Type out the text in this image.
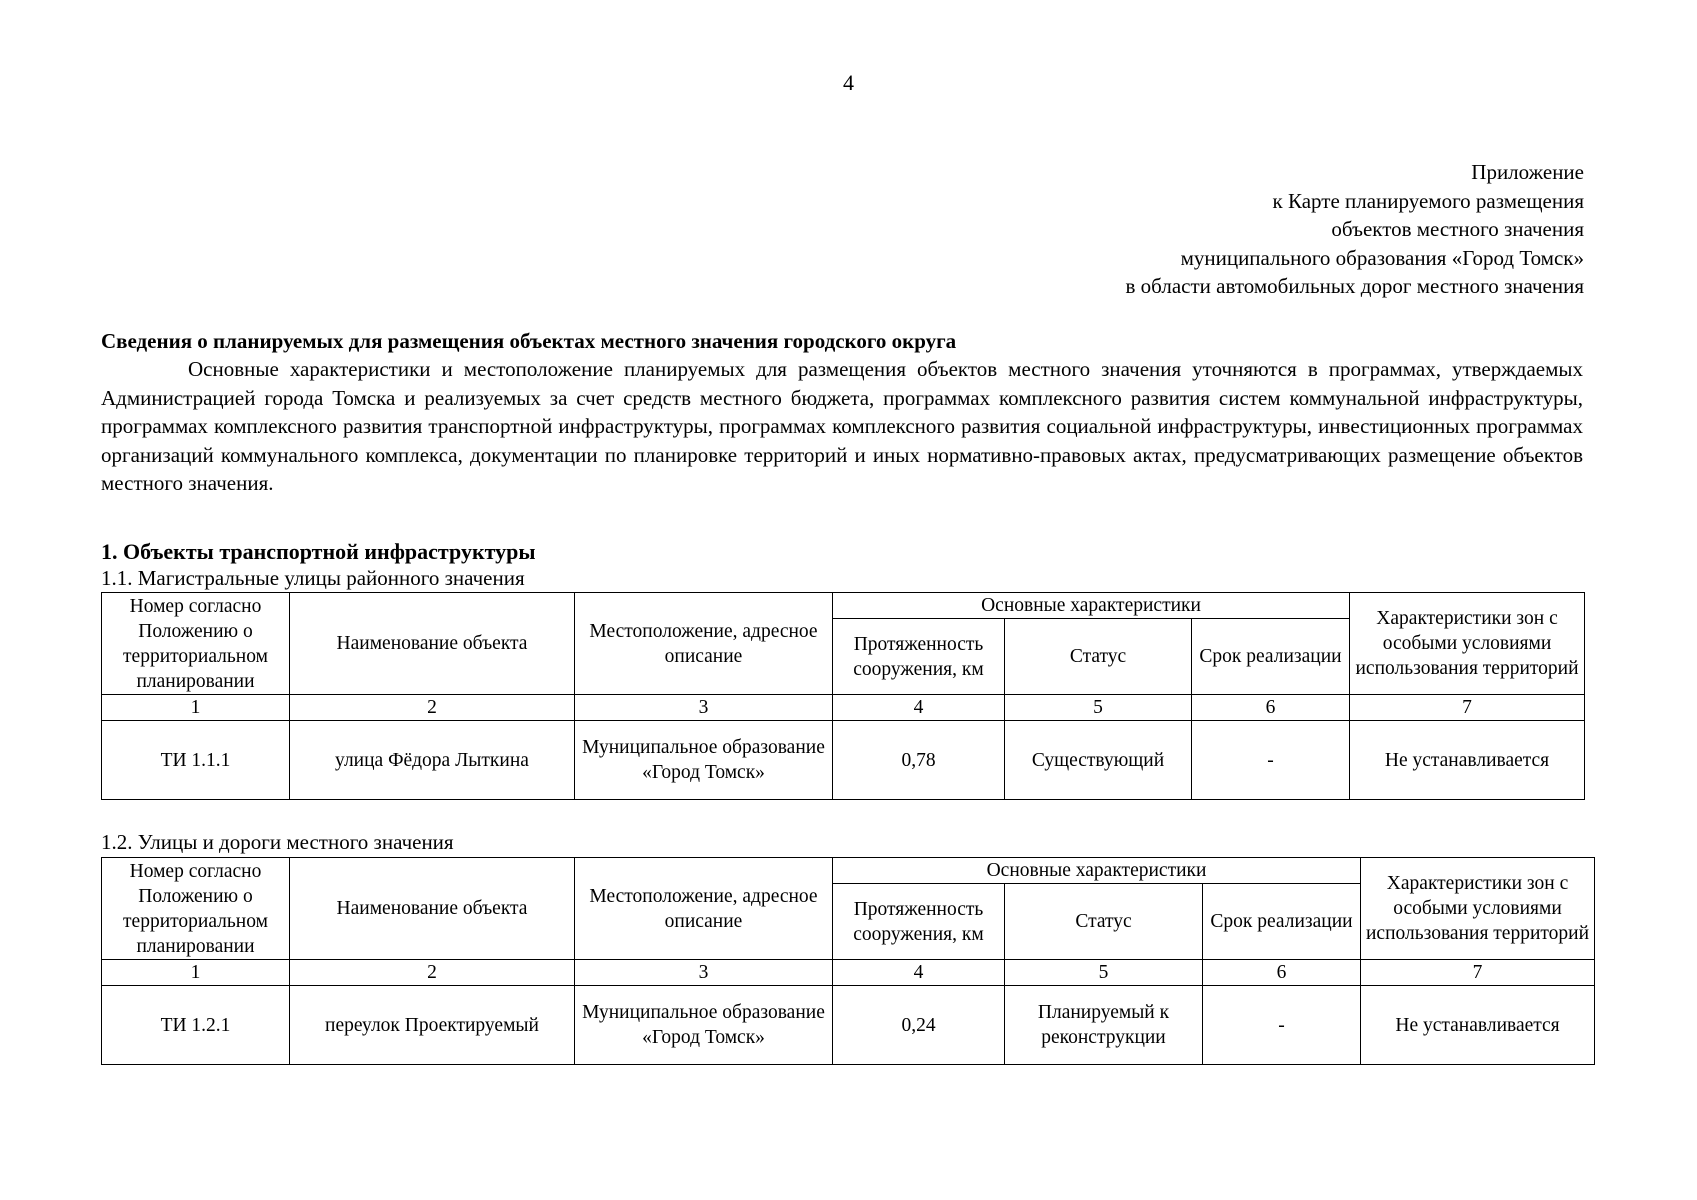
4
Приложение
к Карте планируемого размещения
объектов местного значения
муниципального образования «Город Томск»
в области автомобильных дорог местного значения
Сведения о планируемых для размещения объектах местного значения городского округа

Основные характеристики и местоположение планируемых для размещения объектов местного значения уточняются в программах, утверждаемых Администрацией города Томска и реализуемых за счет средств местного бюджета, программах комплексного развития систем коммунальной инфраструктуры, программах комплексного развития транспортной инфраструктуры, программах комплексного развития социальной инфраструктуры, инвестиционных программах организаций коммунального комплекса, документации по планировке территорий и иных нормативно-правовых актах, предусматривающих размещение объектов местного значения.

1. Объекты транспортной инфраструктуры
1.1. Магистральные улицы районного значения
Номер согласно Положению о территориальном планировании	Наименование объекта	Местоположение, адресное описание	Основные характеристики			Характеристики зон с особыми условиями использования территорий
			Протяженность сооружения, км	Статус	Срок реализации	
1	2	3	4	5	6	7
ТИ 1.1.1	улица Фёдора Лыткина	Муниципальное образование «Город Томск»	0,78	Существующий	-	Не устанавливается
1.2. Улицы и дороги местного значения
Номер согласно Положению о территориальном планировании	Наименование объекта	Местоположение, адресное описание	Основные характеристики			Характеристики зон с особыми условиями использования территорий
			Протяженность сооружения, км	Статус	Срок реализации	
1	2	3	4	5	6	7
ТИ 1.2.1	переулок Проектируемый	Муниципальное образование «Город Томск»	0,24	Планируемый к реконструкции	-	Не устанавливается
